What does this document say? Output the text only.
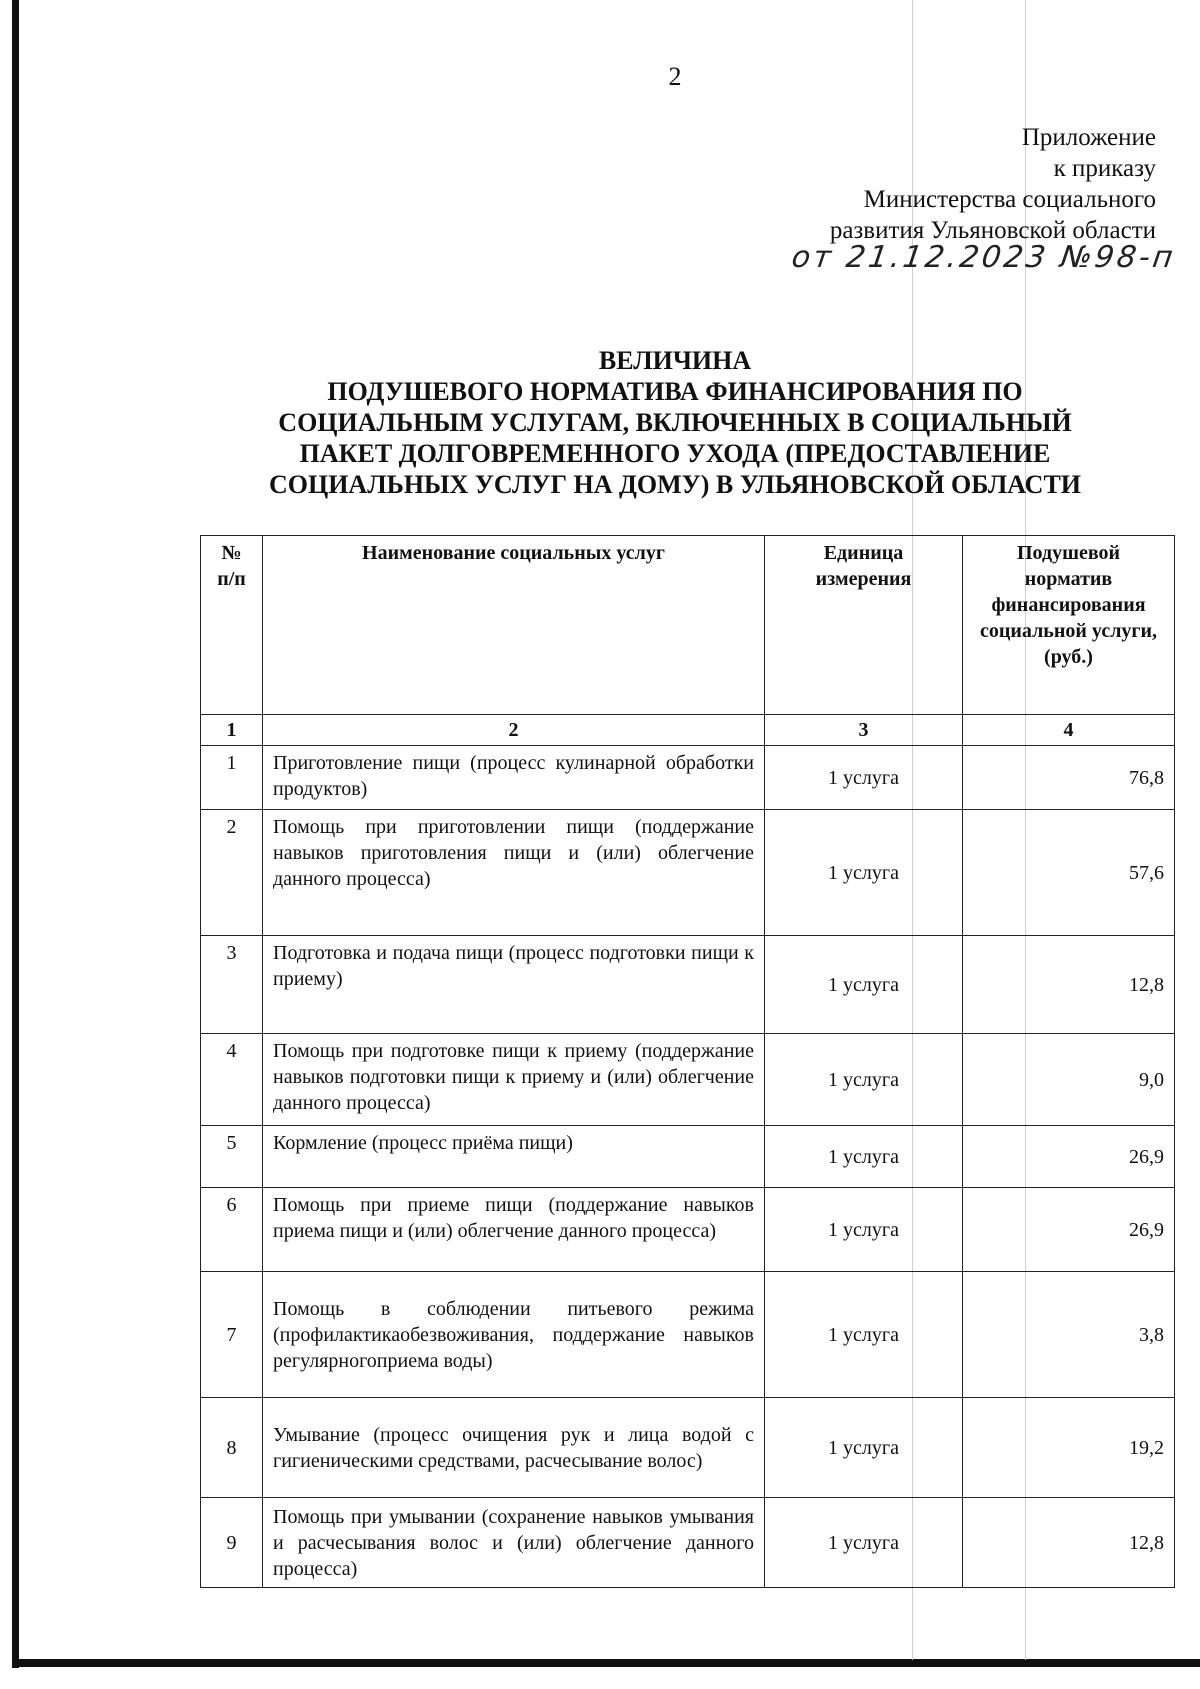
2
Приложение
к приказу
Министерства социального
развития Ульяновской области
от 21.12.2023 №98-п
ВЕЛИЧИНА
ПОДУШЕВОГО НОРМАТИВА ФИНАНСИРОВАНИЯ ПО
СОЦИАЛЬНЫМ УСЛУГАМ, ВКЛЮЧЕННЫХ В СОЦИАЛЬНЫЙ
ПАКЕТ ДОЛГОВРЕМЕННОГО УХОДА (ПРЕДОСТАВЛЕНИЕ
СОЦИАЛЬНЫХ УСЛУГ НА ДОМУ) В УЛЬЯНОВСКОЙ ОБЛАСТИ
№ п/п	Наименование социальных услуг	Единица измерения	Подушевой норматив финансирования социальной услуги, (руб.)
1	2	3	4
1	Приготовление пищи (процесс кулинарной обработки продуктов)	1 услуга	76,8
2	Помощь при приготовлении пищи (поддержание навыков приготовления пищи и (или) облегчение данного процесса)	1 услуга	57,6
3	Подготовка и подача пищи (процесс подготовки пищи к приему)	1 услуга	12,8
4	Помощь при подготовке пищи к приему (поддержание навыков подготовки пищи к приему и (или) облегчение данного процесса)	1 услуга	9,0
5	Кормление (процесс приёма пищи)	1 услуга	26,9
6	Помощь при приеме пищи (поддержание навыков приема пищи и (или) облегчение данного процесса)	1 услуга	26,9
7	Помощь в соблюдении питьевого режима (профилактикаобезвоживания, поддержание навыков регулярногоприема воды)	1 услуга	3,8
8	Умывание (процесс очищения рук и лица водой с гигиеническими средствами, расчесывание волос)	1 услуга	19,2
9	Помощь при умывании (сохранение навыков умывания и расчесывания волос и (или) облегчение данного процесса)	1 услуга	12,8
